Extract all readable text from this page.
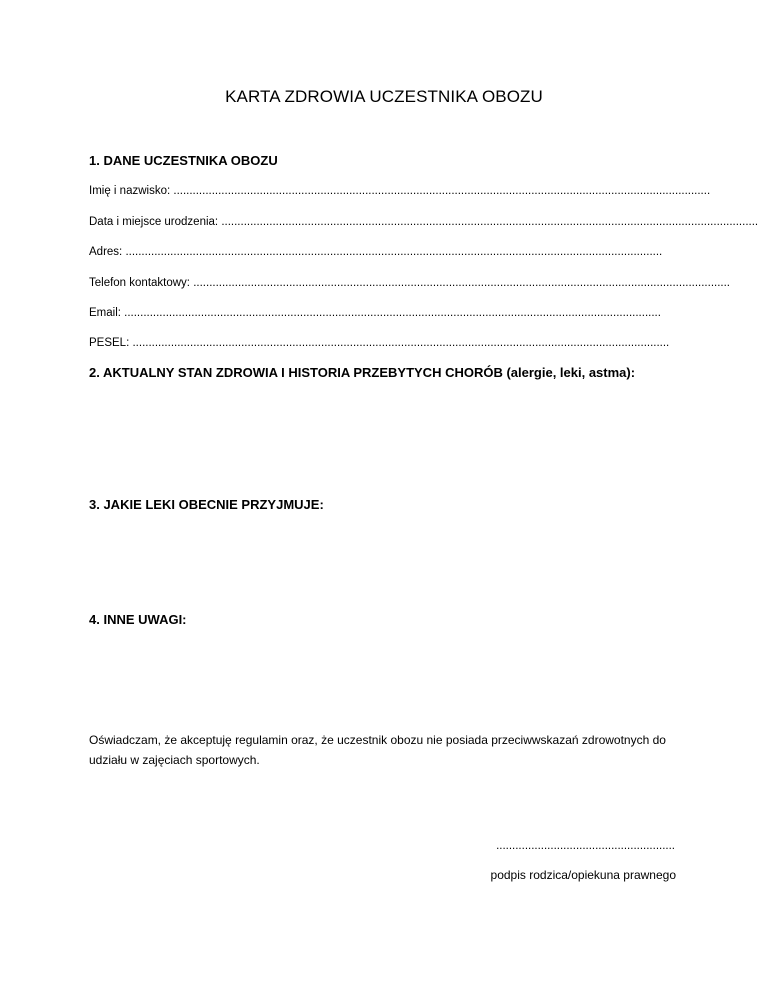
KARTA ZDROWIA UCZESTNIKA OBOZU
1. DANE UCZESTNIKA OBOZU
Imię i nazwisko: ........................................................................................................................................................................
Data i miejsce urodzenia: ........................................................................................................................................................................
Adres: ........................................................................................................................................................................
Telefon kontaktowy: ........................................................................................................................................................................
Email: ........................................................................................................................................................................
PESEL: ........................................................................................................................................................................
2. AKTUALNY STAN ZDROWIA I HISTORIA PRZEBYTYCH CHORÓB (alergie, leki, astma):
3. JAKIE LEKI OBECNIE PRZYJMUJE:
4. INNE UWAGI:
Oświadczam, że akceptuję regulamin oraz, że uczestnik obozu nie posiada przeciwwskazań zdrowotnych do udziału w zajęciach sportowych.
........................................................
podpis rodzica/opiekuna prawnego
